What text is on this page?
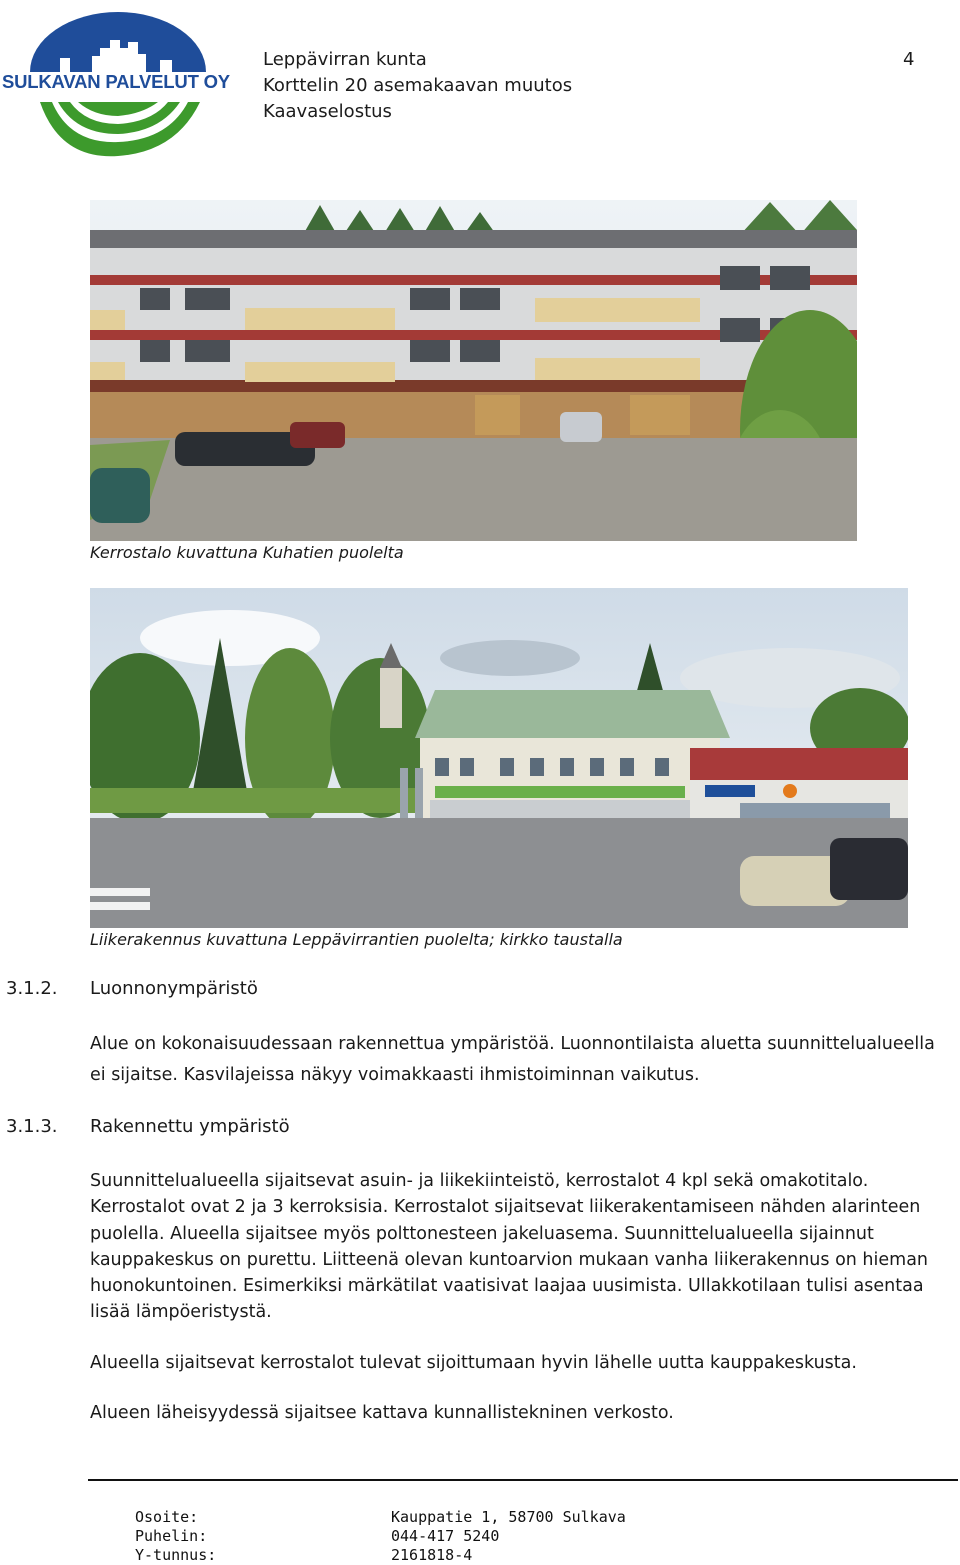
SULKAVAN PALVELUT OY
Leppävirran kunta
Korttelin 20 asemakaavan muutos
Kaavaselostus
4
Kerrostalo kuvattuna Kuhatien puolelta
Liikerakennus kuvattuna Leppävirrantien puolelta; kirkko taustalla
3.1.2. Luonnonympäristö

Alue on kokonaisuudessaan rakennettua ympäristöä. Luonnontilaista aluetta suunnittelualueella ei sijaitse. Kasvilajeissa näkyy voimakkaasti ihmistoiminnan vaikutus.

3.1.3. Rakennettu ympäristö

Suunnittelualueella sijaitsevat asuin- ja liikekiinteistö, kerrostalot 4 kpl sekä omakotitalo. Kerrostalot ovat 2 ja 3 kerroksisia. Kerrostalot sijaitsevat liikerakentamiseen nähden alarinteen puolella. Alueella sijaitsee myös polttonesteen jakeluasema. Suunnittelualueella sijainnut kauppakeskus on purettu. Liitteenä olevan kuntoarvion mukaan vanha liikerakennus on hieman huonokuntoinen. Esimerkiksi märkätilat vaatisivat laajaa uusimista. Ullakkotilaan tulisi asentaa lisää lämpöeristystä.

Alueella sijaitsevat kerrostalot tulevat sijoittumaan hyvin lähelle uutta kauppakeskusta.

Alueen läheisyydessä sijaitsee kattava kunnallistekninen verkosto.

Osoite:
Puhelin:
Y-tunnus:
Kauppatie 1, 58700 Sulkava
044-417 5240
2161818-4
